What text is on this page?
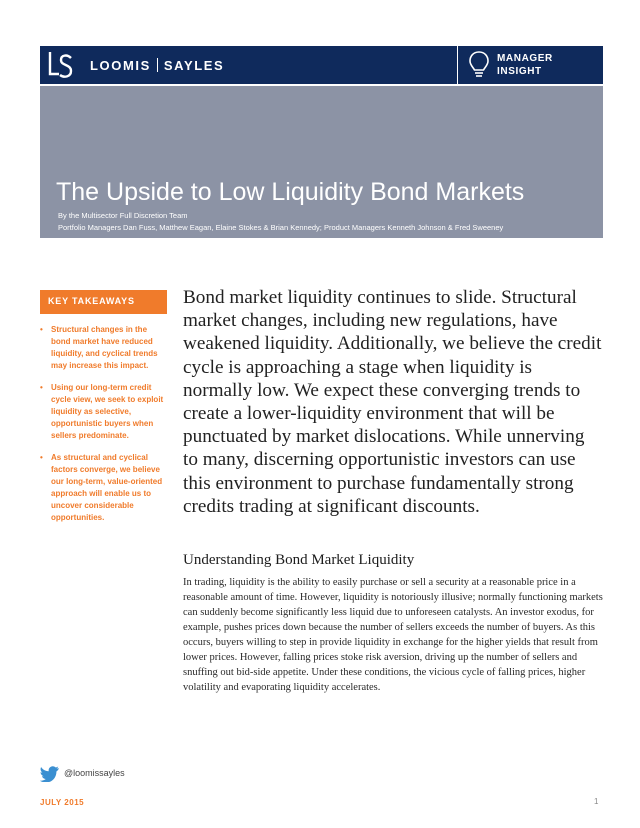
LOOMIS SAYLES	MANAGER
INSIGHT
The Upside to Low Liquidity Bond Markets
By the Multisector Full Discretion Team
Portfolio Managers Dan Fuss, Matthew Eagan, Elaine Stokes & Brian Kennedy; Product Managers Kenneth Johnson & Fred Sweeney
KEY TAKEAWAYS
• Structural changes in the bond market have reduced liquidity, and cyclical trends may increase this impact.
• Using our long-term credit cycle view, we seek to exploit liquidity as selective, opportunistic buyers when sellers predominate.
• As structural and cyclical factors converge, we believe our long-term, value-oriented approach will enable us to uncover considerable opportunities.

Bond market liquidity continues to slide. Structural market changes, including new regulations, have weakened liquidity. Additionally, we believe the credit cycle is approaching a stage when liquidity is normally low. We expect these converging trends to create a lower-liquidity environment that will be punctuated by market dislocations. While unnerving to many, discerning opportunistic investors can use this environment to purchase fundamentally strong credits trading at significant discounts.

Understanding Bond Market Liquidity

In trading, liquidity is the ability to easily purchase or sell a security at a reasonable price in a reasonable amount of time. However, liquidity is notoriously illusive; normally functioning markets can suddenly become significantly less liquid due to unforeseen catalysts. An investor exodus, for example, pushes prices down because the number of sellers exceeds the number of buyers. As this occurs, buyers willing to step in provide liquidity in exchange for the higher yields that result from lower prices. However, falling prices stoke risk aversion, driving up the number of sellers and snuffing out bid-side appetite. Under these conditions, the vicious cycle of falling prices, higher volatility and evaporating liquidity accelerates.

@loomissayles
JULY 2015	1
